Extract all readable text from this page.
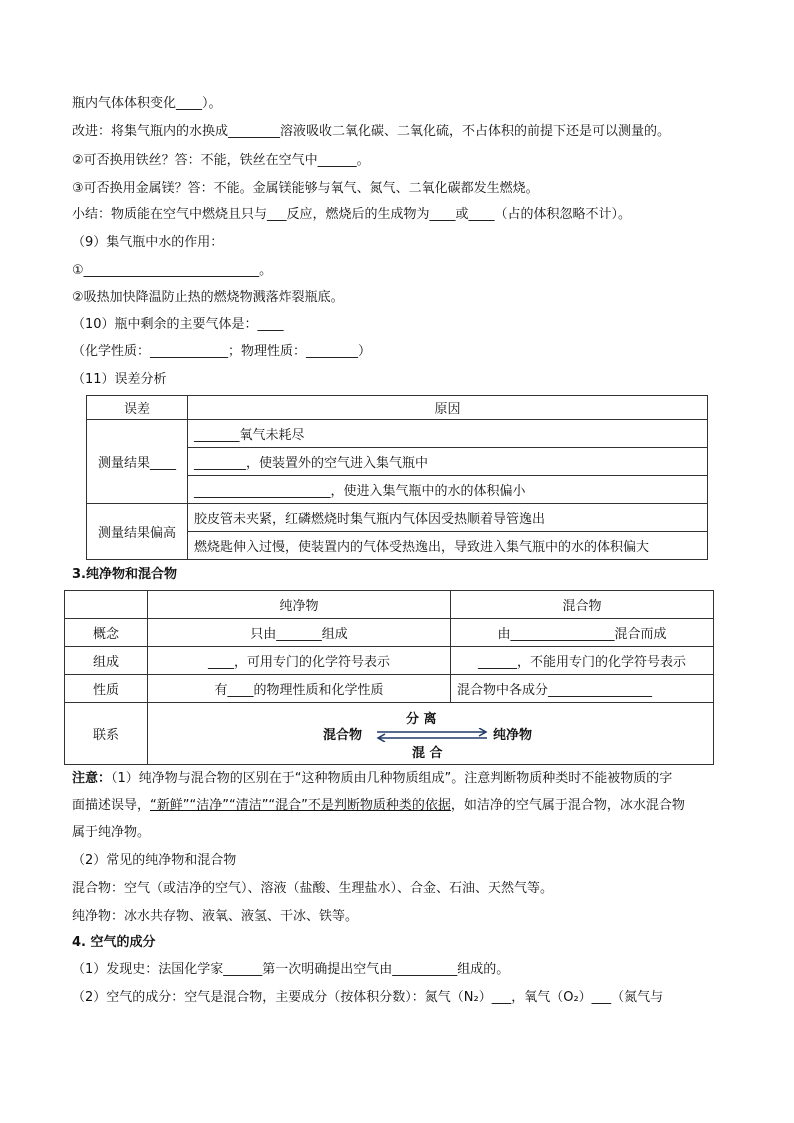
瓶内气体体积变化____）。
改进：将集气瓶内的水换成________溶液吸收二氧化碳、二氧化硫，不占体积的前提下还是可以测量的。
②可否换用铁丝？答：不能，铁丝在空气中______。
③可否换用金属镁？答：不能。金属镁能够与氧气、氮气、二氧化碳都发生燃烧。
小结：物质能在空气中燃烧且只与___反应，燃烧后的生成物为____或____（占的体积忽略不计）。
（9）集气瓶中水的作用：
①___________________________。
②吸热加快降温防止热的燃烧物溅落炸裂瓶底。
（10）瓶中剩余的主要气体是：____
（化学性质：____________；物理性质：________）
（11）误差分析
误差	原因
测量结果____	_______氧气未耗尽
	________，使装置外的空气进入集气瓶中
	_____________________，使进入集气瓶中的水的体积偏小
测量结果偏高	胶皮管未夹紧，红磷燃烧时集气瓶内气体因受热顺着导管逸出
	燃烧匙伸入过慢，使装置内的气体受热逸出，导致进入集气瓶中的水的体积偏大
3.纯净物和混合物
	纯净物	混合物
概念	只由_______组成	由________________混合而成
组成	____，可用专门的化学符号表示	______，不能用专门的化学符号表示
性质	有____的物理性质和化学性质	混合物中各成分________________
联系	分 离
混合物 纯净物
混 合	
注意：（1）纯净物与混合物的区别在于“这种物质由几种物质组成”。注意判断物质种类时不能被物质的字
面描述误导，“新鲜”“洁净”“清洁”“混合”不是判断物质种类的依据，如洁净的空气属于混合物，冰水混合物
属于纯净物。
（2）常见的纯净物和混合物
混合物：空气（或洁净的空气）、溶液（盐酸、生理盐水）、合金、石油、天然气等。
纯净物：冰水共存物、液氧、液氢、干冰、铁等。
4. 空气的成分
（1）发现史：法国化学家______第一次明确提出空气由__________组成的。
（2）空气的成分：空气是混合物，主要成分（按体积分数）：氮气（N₂）___，氧气（O₂）___（氮气与
